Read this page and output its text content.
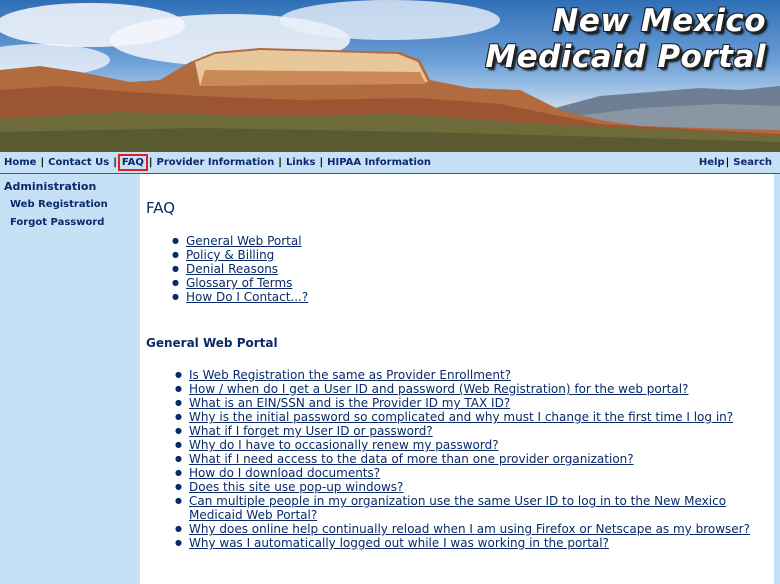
New Mexico
Medicaid Portal
Home | Contact Us | FAQ | Provider Information | Links | HIPAA Information	Help| Search
Administration
Web Registration
Forgot Password
FAQ
● General Web Portal
● Policy & Billing
● Denial Reasons
● Glossary of Terms
● How Do I Contact...?
General Web Portal
● Is Web Registration the same as Provider Enrollment?
● How / when do I get a User ID and password (Web Registration) for the web portal?
● What is an EIN/SSN and is the Provider ID my TAX ID?
● Why is the initial password so complicated and why must I change it the first time I log in?
● What if I forget my User ID or password?
● Why do I have to occasionally renew my password?
● What if I need access to the data of more than one provider organization?
● How do I download documents?
● Does this site use pop-up windows?
● Can multiple people in my organization use the same User ID to log in to the New Mexico Medicaid Web Portal?
● Why does online help continually reload when I am using Firefox or Netscape as my browser?
● Why was I automatically logged out while I was working in the portal?
